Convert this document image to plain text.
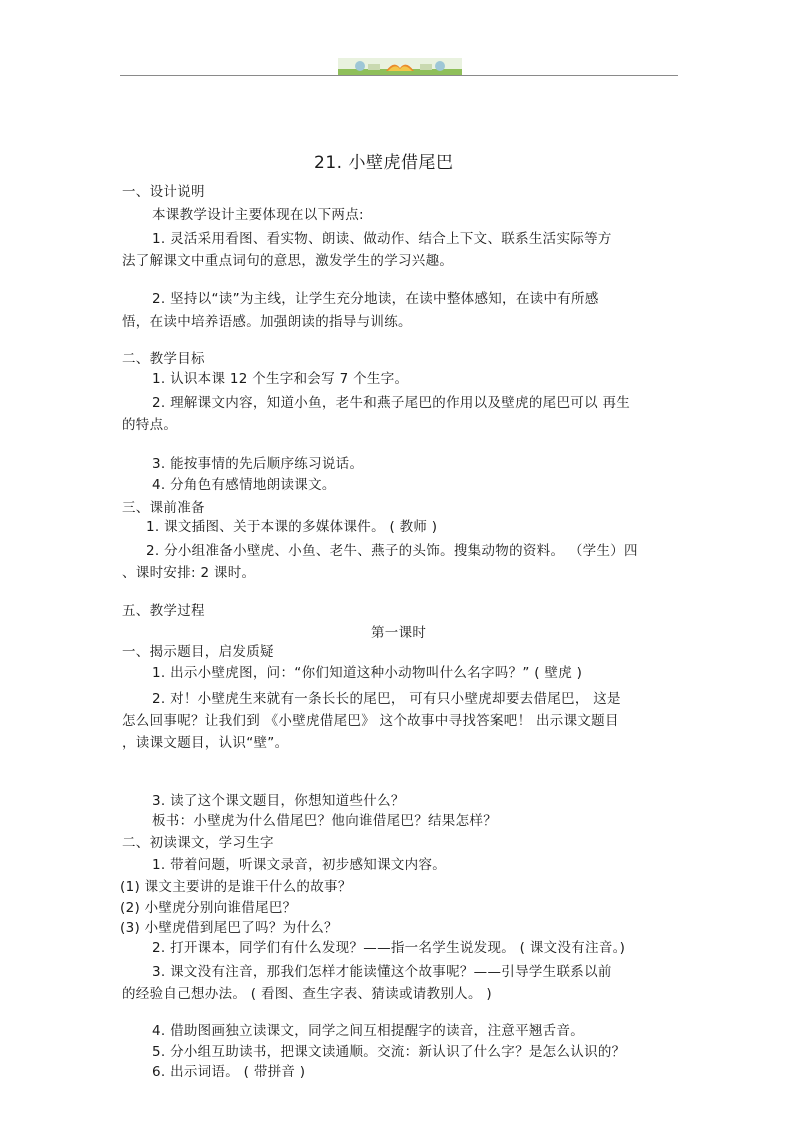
21. 小壁虎借尾巴
一、设计说明
本课教学设计主要体现在以下两点:
1. 灵活采用看图、看实物、朗读、做动作、结合上下文、联系生活实际等方
法了解课文中重点词句的意思，激发学生的学习兴趣。
2. 坚持以“读”为主线，让学生充分地读，在读中整体感知，在读中有所感
悟，在读中培养语感。加强朗读的指导与训练。
二、教学目标
1. 认识本课 12 个生字和会写 7 个生字。
2. 理解课文内容，知道小鱼，老牛和燕子尾巴的作用以及壁虎的尾巴可以 再生
的特点。
3. 能按事情的先后顺序练习说话。
4. 分角色有感情地朗读课文。
三、课前准备
1. 课文插图、关于本课的多媒体课件。 ( 教师 )
2. 分小组准备小壁虎、小鱼、老牛、燕子的头饰。搜集动物的资料。 （学生）四
、课时安排: 2 课时。
五、教学过程
第一课时
一、揭示题目，启发质疑
1. 出示小壁虎图，问：“你们知道这种小动物叫什么名字吗？” ( 壁虎 )
2. 对！小壁虎生来就有一条长长的尾巴， 可有只小壁虎却要去借尾巴， 这是
怎么回事呢？让我们到 《小壁虎借尾巴》 这个故事中寻找答案吧！ 出示课文题目
，读课文题目，认识“壁”。
3. 读了这个课文题目，你想知道些什么？
板书：小壁虎为什么借尾巴？他向谁借尾巴？结果怎样？
二、初读课文，学习生字
1. 带着问题，听课文录音，初步感知课文内容。
(1) 课文主要讲的是谁干什么的故事？
(2) 小壁虎分别向谁借尾巴？
(3) 小壁虎借到尾巴了吗？为什么？
2. 打开课本，同学们有什么发现？——指一名学生说发现。 ( 课文没有注音。)
3. 课文没有注音，那我们怎样才能读懂这个故事呢？——引导学生联系以前
的经验自己想办法。 ( 看图、查生字表、猜读或请教别人。 )
4. 借助图画独立读课文，同学之间互相提醒字的读音，注意平翘舌音。
5. 分小组互助读书，把课文读通顺。交流：新认识了什么字？是怎么认识的？
6. 出示词语。 ( 带拼音 )
